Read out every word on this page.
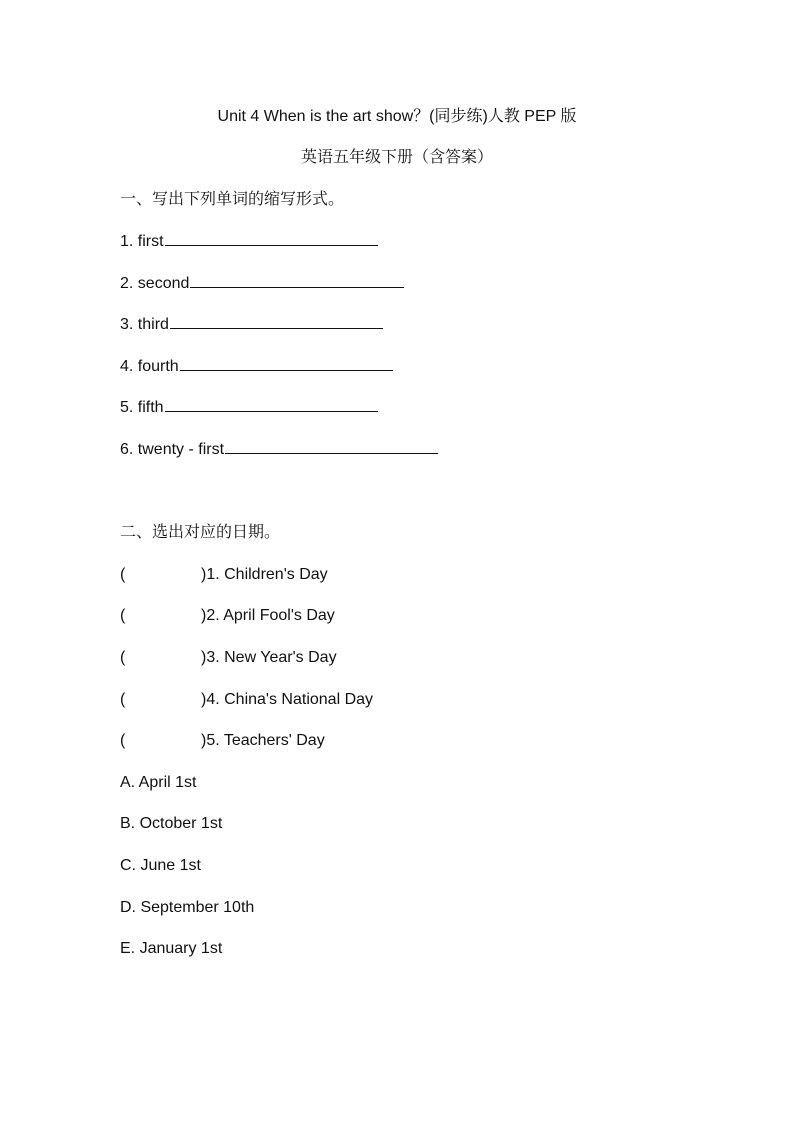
Unit 4 When is the art show？(同步练)人教 PEP 版
英语五年级下册（含答案）
一、写出下列单词的缩写形式。
1. first
2. second
3. third
4. fourth
5. fifth
6. twenty - first
二、选出对应的日期。
(	)1. Children's Day
(	)2. April Fool's Day
(	)3. New Year's Day
(	)4. China's National Day
(	)5. Teachers' Day
A. April 1st
B. October 1st
C. June 1st
D. September 10th
E. January 1st
